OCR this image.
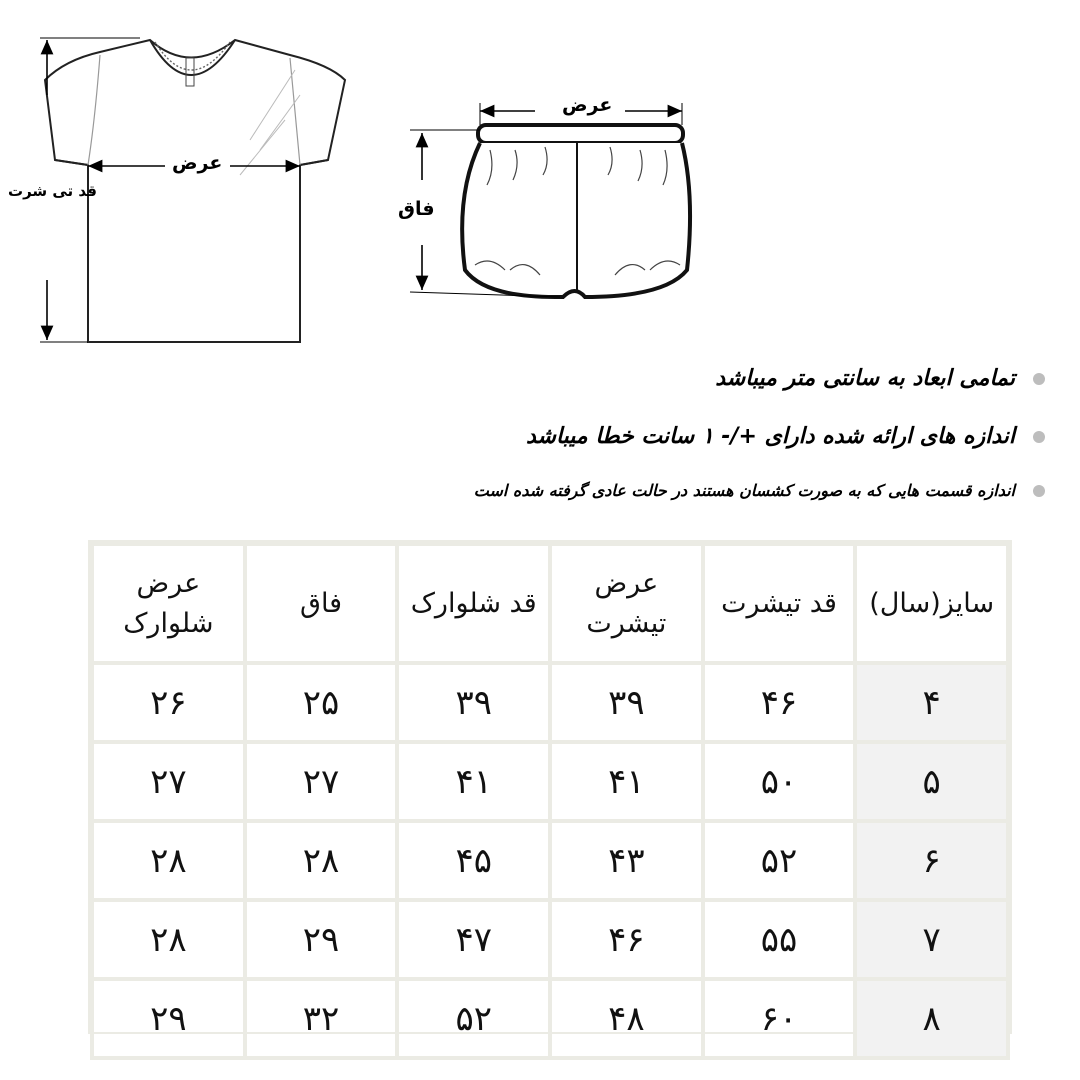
عرض
قد تی شرت
عرض
فاق
تمامی ابعاد به سانتی متر میباشد
اندازه های ارائه شده دارای +/- ۱ سانت خطا میباشد
اندازه قسمت هایی که به صورت کشسان هستند در حالت عادی گرفته شده است
سایز(سال)	قد تیشرت	عرض تیشرت	قد شلوارک	فاق	عرض شلوارک
۴	۴۶	۳۹	۳۹	۲۵	۲۶
۵	۵۰	۴۱	۴۱	۲۷	۲۷
۶	۵۲	۴۳	۴۵	۲۸	۲۸
۷	۵۵	۴۶	۴۷	۲۹	۲۸
۸	۶۰	۴۸	۵۲	۳۲	۲۹
